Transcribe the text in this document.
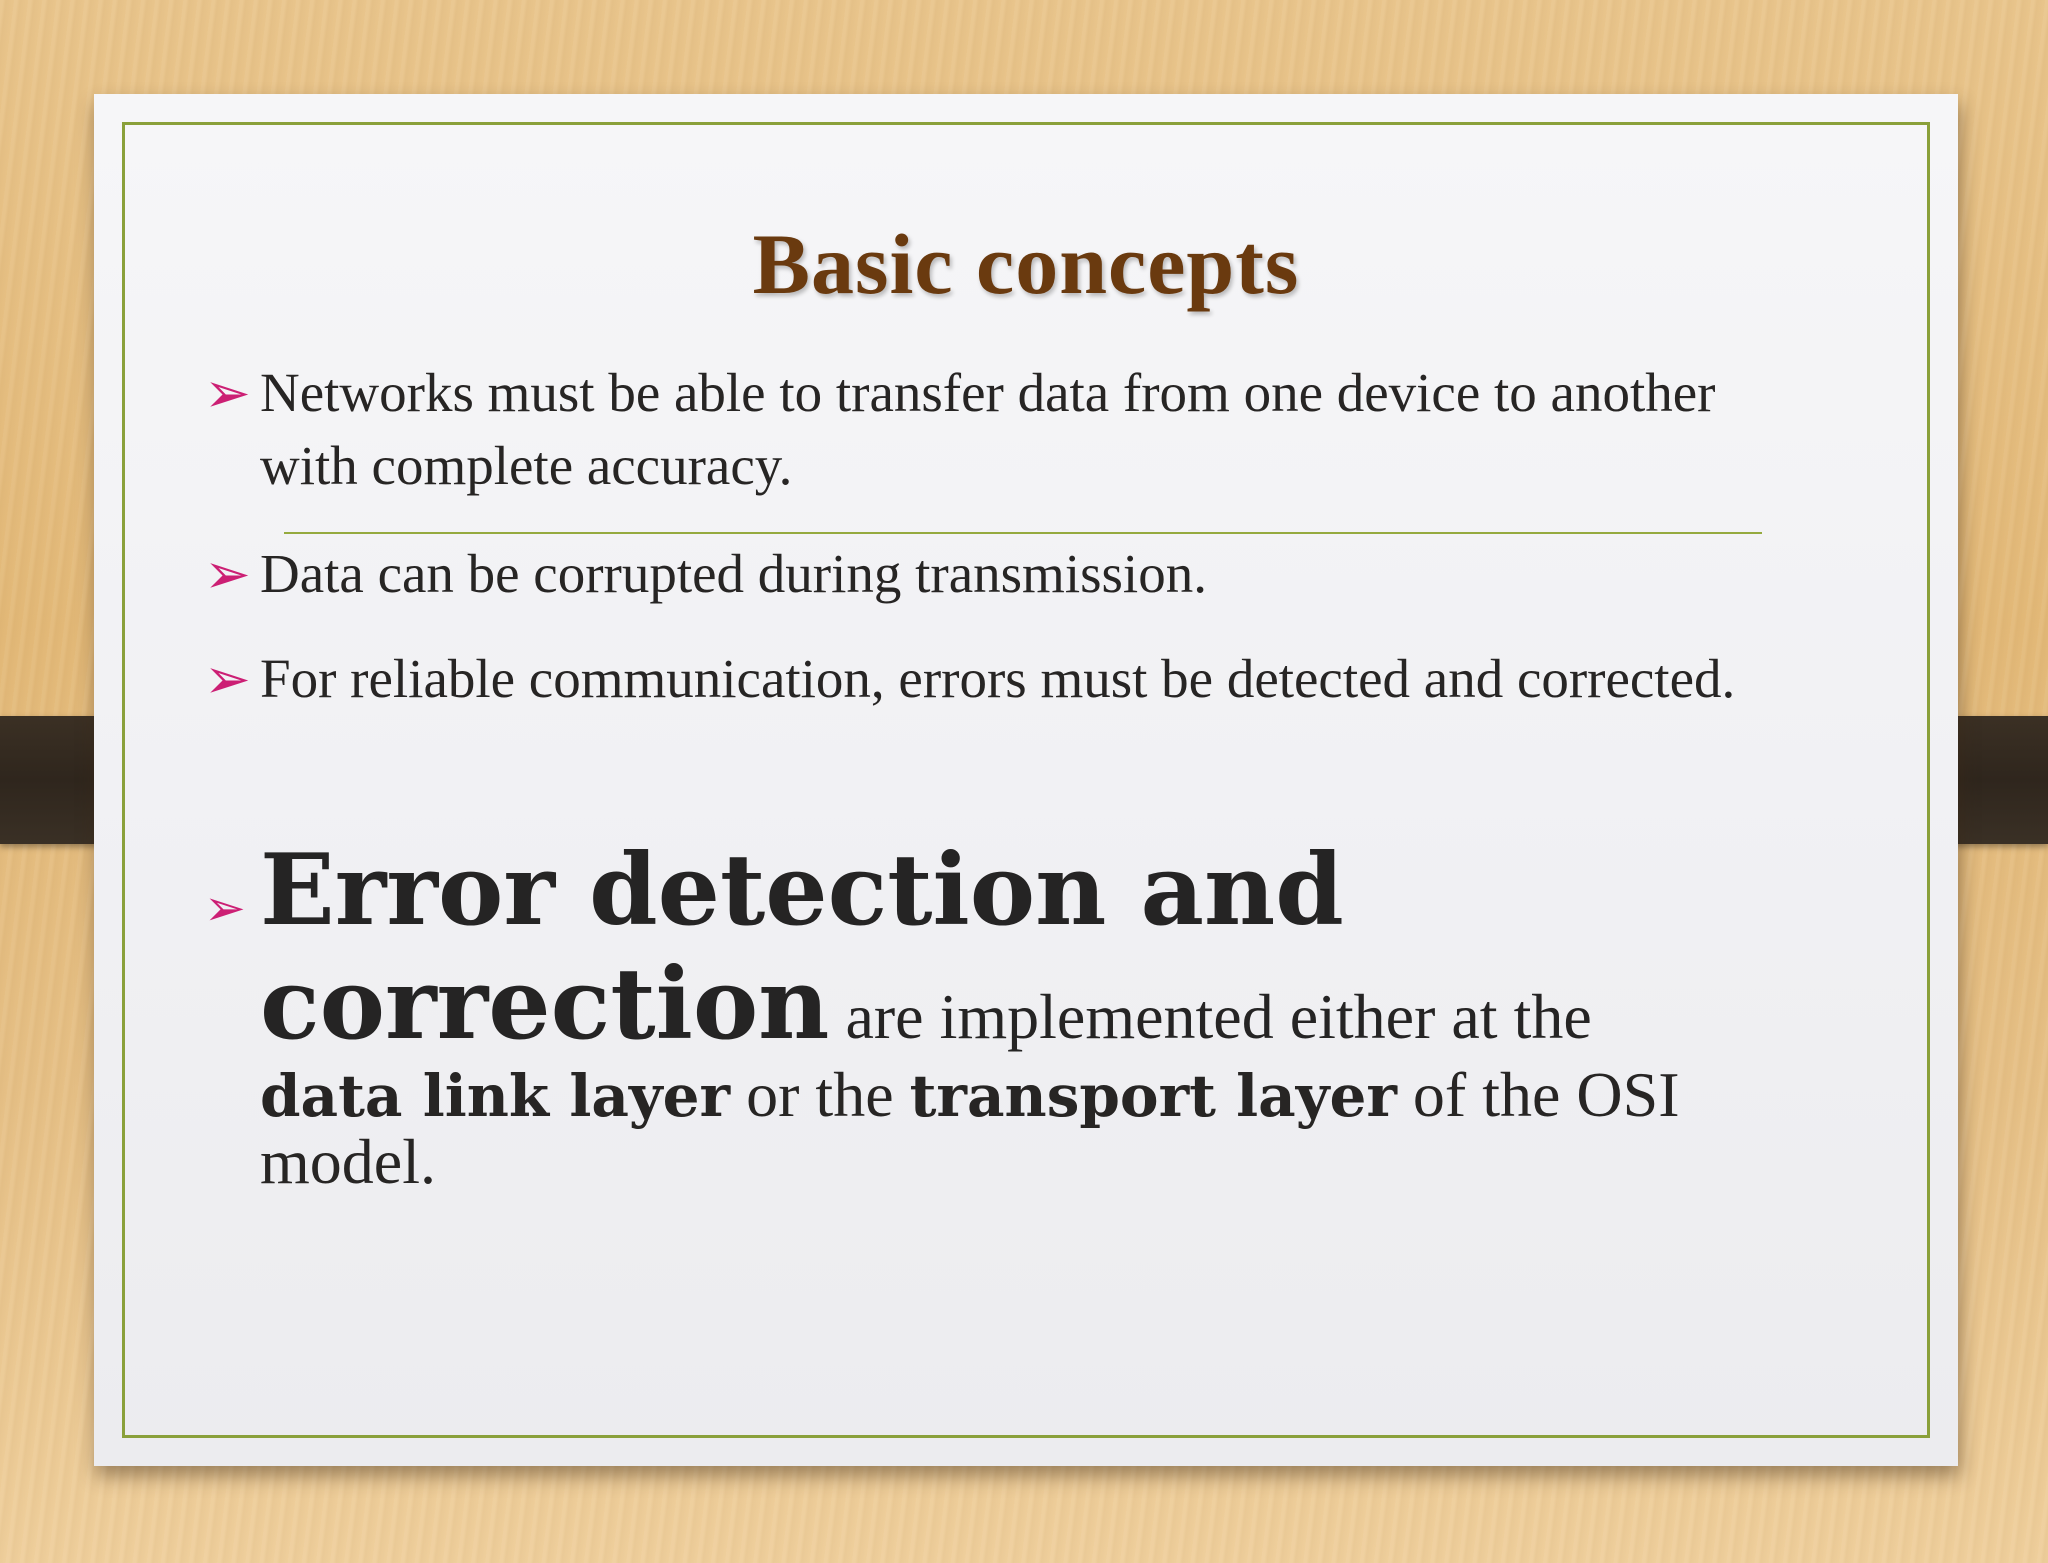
Basic concepts
➢ Networks must be able to transfer data from one device to another with complete accuracy.
➢ Data can be corrupted during transmission.
➢ For reliable communication, errors must be detected and corrected.
➢ Error detection and
correction are implemented either at the
data link layer or the transport layer of the OSI
model.
